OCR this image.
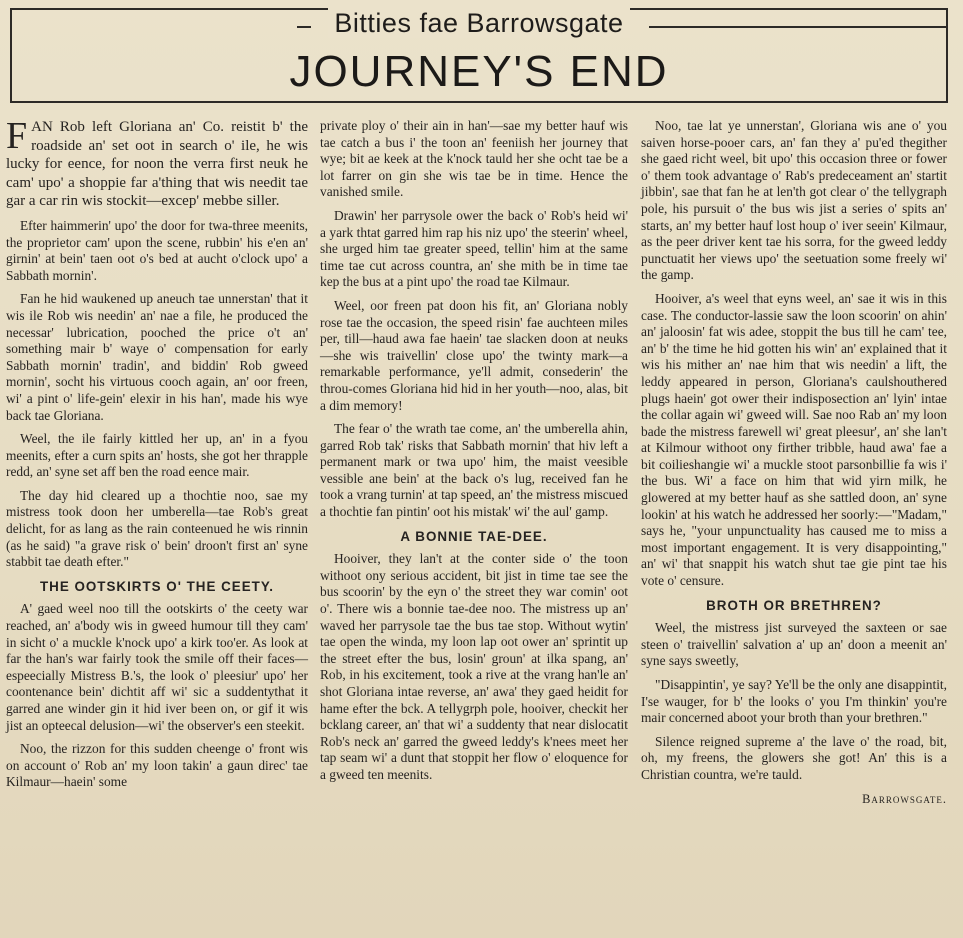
Bitties fae Barrowsgate
JOURNEY'S END

FAN Rob left Gloriana an' Co. reistit b' the roadside an' set oot in search o' ile, he wis lucky for eence, for noon the verra first neuk he cam' upo' a shoppie far a'thing that wis needit tae gar a car rin wis stockit—excep' mebbe siller.

Efter haimmerin' upo' the door for twa-three meenits, the proprietor cam' upon the scene, rubbin' his e'en an' girnin' at bein' taen oot o's bed at aucht o'clock upo' a Sabbath mornin'.

Fan he hid waukened up aneuch tae unnerstan' that it wis ile Rob wis needin' an' nae a file, he produced the necessar' lubrication, pooched the price o't an' something mair b' waye o' compensation for early Sabbath mornin' tradin', and biddin' Rob gweed mornin', socht his virtuous cooch again, an' oor freen, wi' a pint o' life-gein' elexir in his han', made his wye back tae Gloriana.

Weel, the ile fairly kittled her up, an' in a fyou meenits, efter a curn spits an' hosts, she got her thrapple redd, an' syne set aff ben the road eence mair.

The day hid cleared up a thochtie noo, sae my mistress took doon her umberella—tae Rob's great delicht, for as lang as the rain conteenued he wis rinnin (as he said) "a grave risk o' bein' droon't first an' syne stabbit tae death efter."

THE OOTSKIRTS O' THE CEETY.

A' gaed weel noo till the ootskirts o' the ceety war reached, an' a'body wis in gweed humour till they cam' in sicht o' a muckle k'nock upo' a kirk too'er. As look at far the han's war fairly took the smile off their faces—espeecially Mistress B.'s, the look o' pleesiur' upo' her coontenance bein' dichtit aff wi' sic a suddentythat it garred ane winder gin it hid iver been on, or gif it wis jist an opteecal delusion—wi' the observer's een steekit.

Noo, the rizzon for this sudden cheenge o' front wis on account o' Rob an' my loon takin' a gaun direc' tae Kilmaur—haein' some

private ploy o' their ain in han'—sae my better hauf wis tae catch a bus i' the toon an' feeniish her journey that wye; bit ae keek at the k'nock tauld her she ocht tae be a lot farrer on gin she wis tae be in time. Hence the vanished smile.

Drawin' her parrysole ower the back o' Rob's heid wi' a yark thtat garred him rap his niz upo' the steerin' wheel, she urged him tae greater speed, tellin' him at the same time tae cut across countra, an' she mith be in time tae kep the bus at a pint upo' the road tae Kilmaur.

Weel, oor freen pat doon his fit, an' Gloriana nobly rose tae the occasion, the speed risin' fae auchteen miles per, till—haud awa fae haein' tae slacken doon at neuks—she wis traivellin' close upo' the twinty mark—a remarkable performance, ye'll admit, consederin' the throu-comes Gloriana hid hid in her youth—noo, alas, bit a dim memory!

The fear o' the wrath tae come, an' the umberella ahin, garred Rob tak' risks that Sabbath mornin' that hiv left a permanent mark or twa upo' him, the maist veesible vessible ane bein' at the back o's lug, received fan he took a vrang turnin' at tap speed, an' the mistress miscued a thochtie fan pintin' oot his mistak' wi' the aul' gamp.

A BONNIE TAE-DEE.

Hooiver, they lan't at the conter side o' the toon withoot ony serious accident, bit jist in time tae see the bus scoorin' by the eyn o' the street they war comin' oot o'. There wis a bonnie tae-dee noo. The mistress up an' waved her parrysole tae the bus tae stop. Without wytin' tae open the winda, my loon lap oot ower an' sprintit up the street efter the bus, losin' groun' at ilka spang, an' Rob, in his excitement, took a rive at the vrang han'le an' shot Gloriana intae reverse, an' awa' they gaed heidit for hame efter the bck. A tellygrph pole, hooiver, checkit her bcklang career, an' that wi' a suddenty that near dislocatit Rob's neck an' garred the gweed leddy's k'nees meet her tap seam wi' a dunt that stoppit her flow o' eloquence for a gweed ten meenits.

Noo, tae lat ye unnerstan', Gloriana wis ane o' you saiven horse-pooer cars, an' fan they a' pu'ed thegither she gaed richt weel, bit upo' this occasion three or fower o' them took advantage o' Rab's predeceament an' startit jibbin', sae that fan he at len'th got clear o' the tellygraph pole, his pursuit o' the bus wis jist a series o' spits an' starts, an' my better hauf lost houp o' iver seein' Kilmaur, as the peer driver kent tae his sorra, for the gweed leddy punctuatit her views upo' the seetuation some freely wi' the gamp.

Hooiver, a's weel that eyns weel, an' sae it wis in this case. The conductor-lassie saw the loon scoorin' on ahin' an' jaloosin' fat wis adee, stoppit the bus till he cam' tee, an' b' the time he hid gotten his win' an' explained that it wis his mither an' nae him that wis needin' a lift, the leddy appeared in person, Gloriana's caulshouthered plugs haein' got ower their indisposection an' lyin' intae the collar again wi' gweed will. Sae noo Rab an' my loon bade the mistress farewell wi' great pleesur', an' she lan't at Kilmour withoot ony firther tribble, haud awa' fae a bit coilieshangie wi' a muckle stoot parsonbillie fa wis i' the bus. Wi' a face on him that wid yirn milk, he glowered at my better hauf as she sattled doon, an' syne lookin' at his watch he addressed her soorly:—"Madam," says he, "your unpunctuality has caused me to miss a most important engagement. It is very disappointing," an' wi' that snappit his watch shut tae gie pint tae his vote o' censure.

BROTH OR BRETHREN?

Weel, the mistress jist surveyed the saxteen or sae steen o' traivellin' salvation a' up an' doon a meenit an' syne says sweetly,

"Disappintin', ye say? Ye'll be the only ane disappintit, I'se wauger, for b' the looks o' you I'm thinkin' you're mair concerned aboot your broth than your brethren."

Silence reigned supreme a' the lave o' the road, bit, oh, my freens, the glowers she got! An' this is a Christian countra, we're tauld.

Barrowsgate.
